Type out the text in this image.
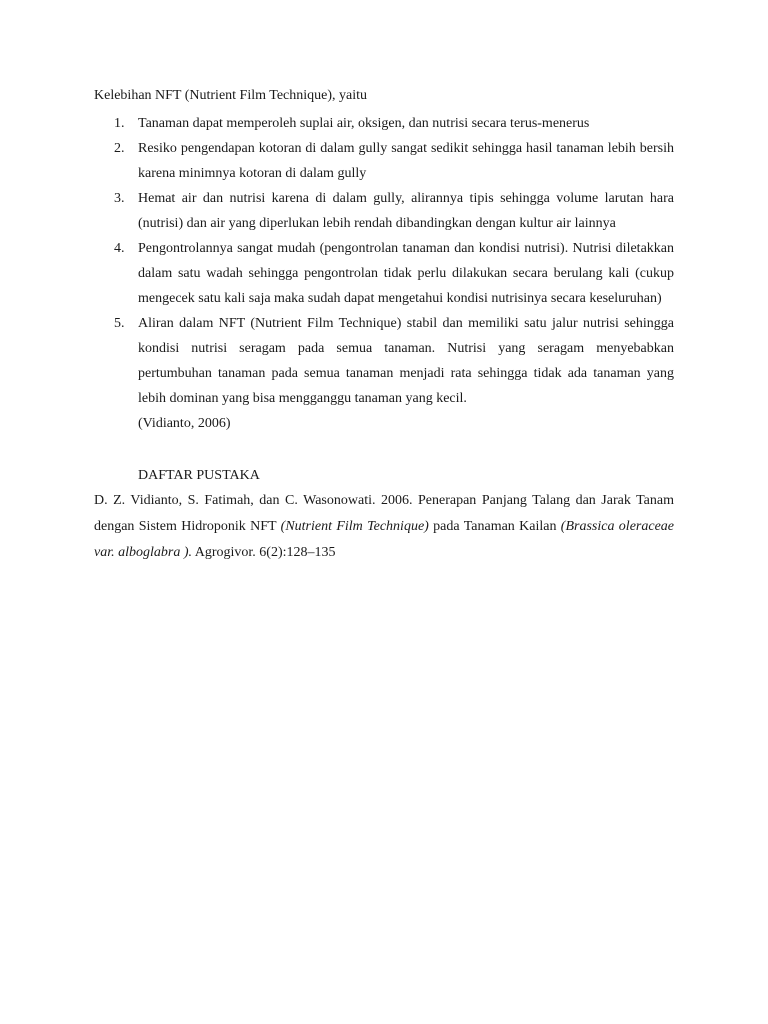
Kelebihan NFT (Nutrient Film Technique), yaitu

1. Tanaman dapat memperoleh suplai air, oksigen, dan nutrisi secara terus-menerus
2. Resiko pengendapan kotoran di dalam gully sangat sedikit sehingga hasil tanaman lebih bersih karena minimnya kotoran di dalam gully
3. Hemat air dan nutrisi karena di dalam gully, alirannya tipis sehingga volume larutan hara (nutrisi) dan air yang diperlukan lebih rendah dibandingkan dengan kultur air lainnya
4. Pengontrolannya sangat mudah (pengontrolan tanaman dan kondisi nutrisi). Nutrisi diletakkan dalam satu wadah sehingga pengontrolan tidak perlu dilakukan secara berulang kali (cukup mengecek satu kali saja maka sudah dapat mengetahui kondisi nutrisinya secara keseluruhan)
5. Aliran dalam NFT (Nutrient Film Technique) stabil dan memiliki satu jalur nutrisi sehingga kondisi nutrisi seragam pada semua tanaman. Nutrisi yang seragam menyebabkan pertumbuhan tanaman pada semua tanaman menjadi rata sehingga tidak ada tanaman yang lebih dominan yang bisa mengganggu tanaman yang kecil.

(Vidianto, 2006)

DAFTAR PUSTAKA

D. Z. Vidianto, S. Fatimah, dan C. Wasonowati. 2006. Penerapan Panjang Talang dan Jarak Tanam dengan Sistem Hidroponik NFT (Nutrient Film Technique) pada Tanaman Kailan (Brassica oleraceae var. alboglabra ). Agrogivor. 6(2):128–135
